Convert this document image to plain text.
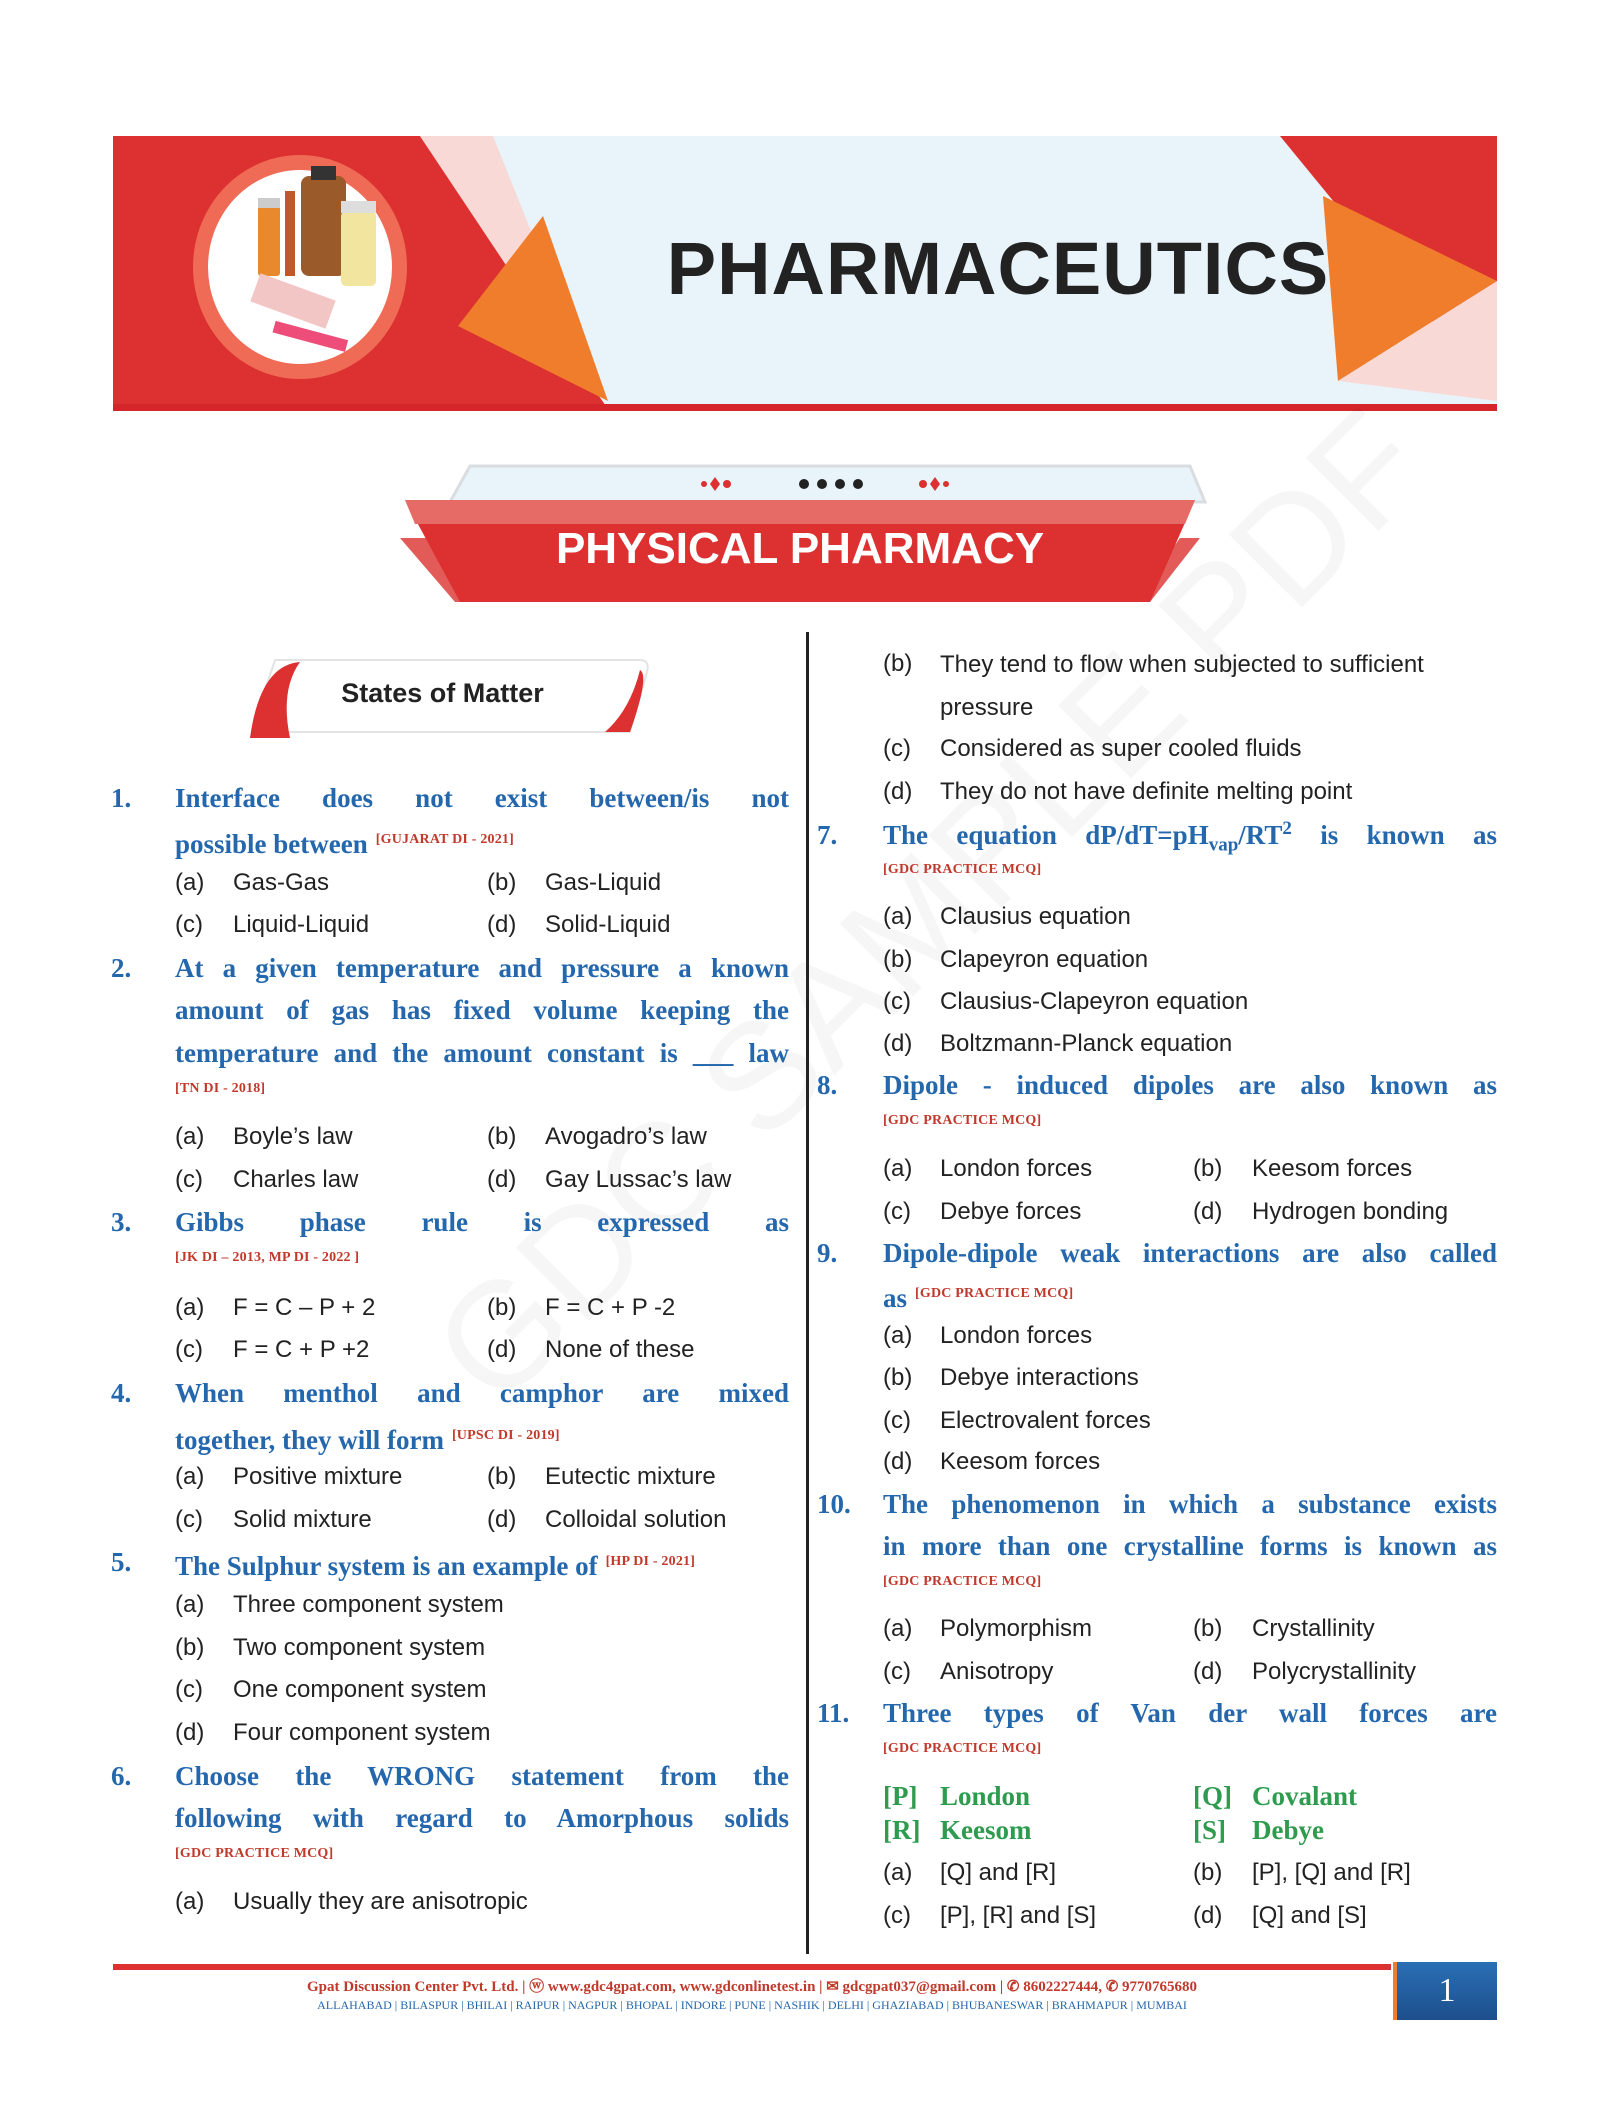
PHARMACEUTICS
PHYSICAL PHARMACY
States of Matter
1. Interface does not exist between/is not
possible between [GUJARAT DI - 2021]
(a) Gas-Gas	(b) Gas-Liquid
(c) Liquid-Liquid	(d) Solid-Liquid
2. At a given temperature and pressure a known
amount of gas has fixed volume keeping the
temperature and the amount constant is ___ law
[TN DI - 2018]
(a) Boyle’s law	(b) Avogadro’s law
(c) Charles law	(d) Gay Lussac’s law
3. Gibbs phase rule is expressed as
[JK DI – 2013, MP DI - 2022 ]
(a) F = C – P + 2	(b) F = C + P -2
(c) F = C + P +2	(d) None of these
4. When menthol and camphor are mixed
together, they will form [UPSC DI - 2019]
(a) Positive mixture	(b) Eutectic mixture
(c) Solid mixture	(d) Colloidal solution
5. The Sulphur system is an example of [HP DI - 2021]
(a) Three component system
(b) Two component system
(c) One component system
(d) Four component system
6. Choose the WRONG statement from the
following with regard to Amorphous solids
[GDC PRACTICE MCQ]
(a) Usually they are anisotropic
(b) They tend to flow when subjected to sufficient pressure
(c) Considered as super cooled fluids
(d) They do not have definite melting point
7. The equation $dP/dT=pH_{vap}/RT^2$ is known as
[GDC PRACTICE MCQ]
(a) Clausius equation
(b) Clapeyron equation
(c) Clausius-Clapeyron equation
(d) Boltzmann-Planck equation
8. Dipole - induced dipoles are also known as
[GDC PRACTICE MCQ]
(a) London forces	(b) Keesom forces
(c) Debye forces	(d) Hydrogen bonding
9. Dipole-dipole weak interactions are also called
as [GDC PRACTICE MCQ]
(a) London forces
(b) Debye interactions
(c) Electrovalent forces
(d) Keesom forces
10. The phenomenon in which a substance exists
in more than one crystalline forms is known as
[GDC PRACTICE MCQ]
(a) Polymorphism	(b) Crystallinity
(c) Anisotropy	(d) Polycrystallinity
11. Three types of Van der wall forces are
[GDC PRACTICE MCQ]
[P] London	[Q] Covalant
[R] Keesom	[S] Debye
(a) [Q] and [R]	(b) [P], [Q] and [R]
(c) [P], [R] and [S]	(d) [Q] and [S]
Gpat Discussion Center Pvt. Ltd. | ⓦ www.gdc4gpat.com, www.gdconlinetest.in | ✉ gdcgpat037@gmail.com | ✆ 8602227444, ✆ 9770765680
ALLAHABAD | BILASPUR | BHILAI | RAIPUR | NAGPUR | BHOPAL | INDORE | PUNE | NASHIK | DELHI | GHAZIABAD | BHUBANESWAR | BRAHMAPUR | MUMBAI	1
